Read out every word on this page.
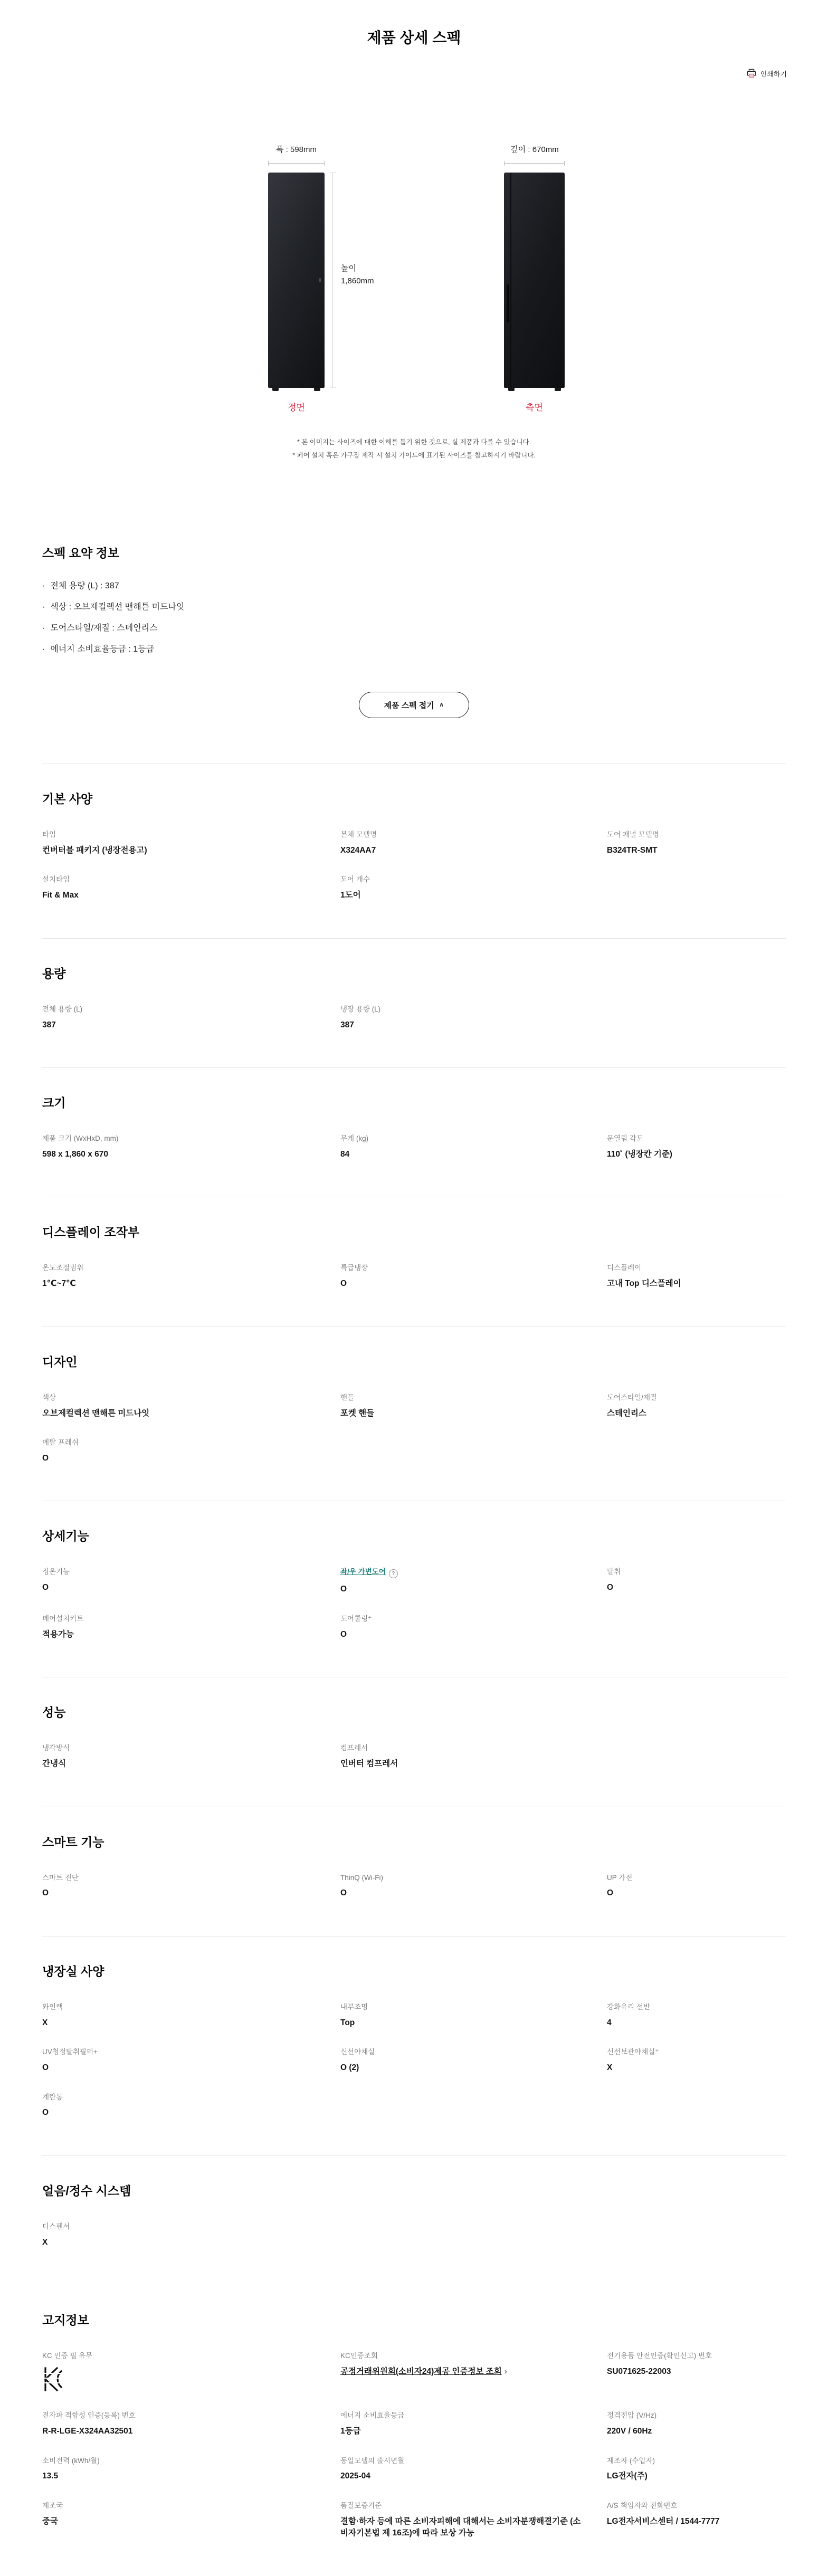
제품 상세 스펙
인쇄하기
폭 : 598mm
높이
1,860mm
정면
깊이 : 670mm
측면
* 본 이미지는 사이즈에 대한 이해를 돕기 위한 것으로, 실 제품과 다를 수 있습니다.
* 페어 설치 혹은 가구장 제작 시 설치 가이드에 표기된 사이즈를 참고하시기 바랍니다.
스펙 요약 정보
· 전체 용량 (L) : 387
· 색상 : 오브제컬렉션 맨해튼 미드나잇
· 도어스타일/재질 : 스테인리스
· 에너지 소비효율등급 : 1등급
제품 스펙 접기 ∧
기본 사양
타입
컨버터블 패키지 (냉장전용고)
본체 모델명
X324AA7
도어 패널 모델명
B324TR-SMT
설치타입
Fit & Max
도어 개수
1도어
용량
전체 용량 (L)
387
냉장 용량 (L)
387
크기
제품 크기 (WxHxD, mm)
598 x 1,860 x 670
무게 (kg)
84
문열림 각도
110˚ (냉장칸 기준)
디스플레이 조작부
온도조절범위
1℃~7℃
특급냉장
O
디스플레이
고내 Top 디스플레이
디자인
색상
오브제컬렉션 맨해튼 미드나잇
핸들
포켓 핸들
도어스타일/재질
스테인리스
메탈 프레쉬
O
상세기능
정온기능
O
좌/우 가변도어 ?
O
탈취
O
페어설치키트
적용가능
도어쿨링⁺
O
성능
냉각방식
간냉식
컴프레서
인버터 컴프레서
스마트 기능
스마트 진단
O
ThinQ (Wi-Fi)
O
UP 가전
O
냉장실 사양
와인랙
X
내부조명
Top
강화유리 선반
4
UV청정탈취필터+
O
신선야채실
O (2)
신선보관야채실⁺
X
계란통
O
얼음/정수 시스템
디스펜서
X
고지정보
KC 인증 필 유무	KC인증조회
공정거래위원회(소비자24)제공 인증정보 조회 ›
전기용품 안전인증(확인신고) 번호
SU071625-22003
전자파 적합성 인증(등록) 번호
R-R-LGE-X324AA32501
에너지 소비효율등급
1등급
정격전압 (V/Hz)
220V / 60Hz
소비전력 (kWh/월)
13.5
동일모델의 출시년월
2025-04
제조자 (수입자)
LG전자(주)
제조국
중국
품질보증기준
결함·하자 등에 따른 소비자피해에 대해서는 소비자분쟁해결기준 (소비자기본법 제 16조)에 따라 보상 가능
A/S 책임자와 전화번호
LG전자서비스센터 / 1544-7777
